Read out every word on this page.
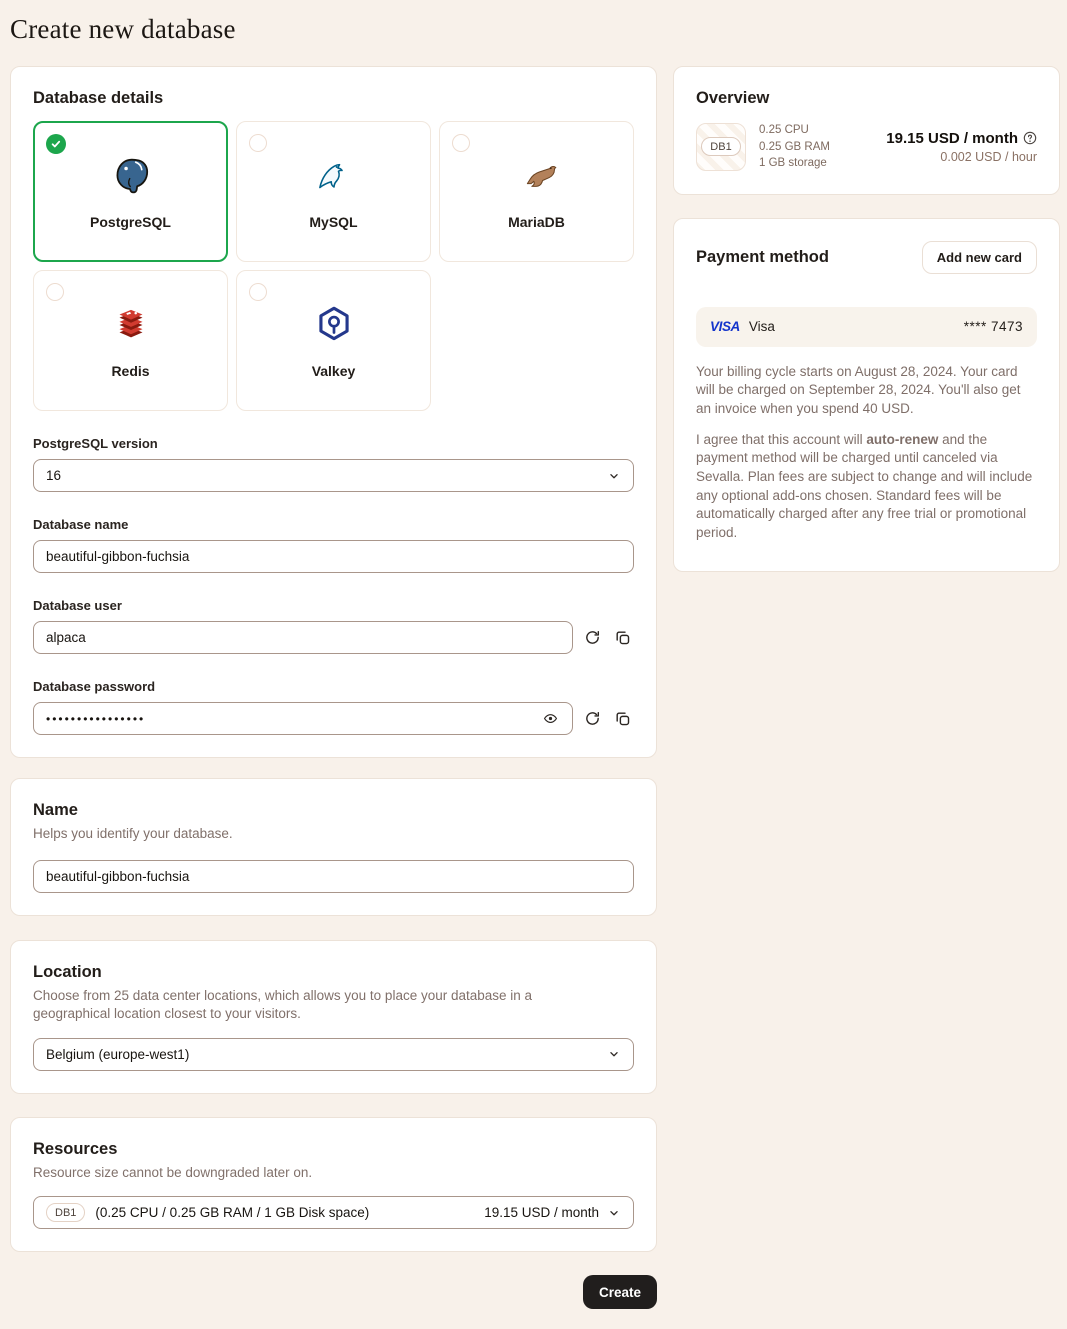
Create new database
Database details
PostgreSQL	MySQL	MariaDB
Redis	Valkey
PostgreSQL version
16
Database name
beautiful-gibbon-fuchsia
Database user
alpaca
Database password
••••••••••••••••
Name
Helps you identify your database.
beautiful-gibbon-fuchsia
Location
Choose from 25 data center locations, which allows you to place your database in a geographical location closest to your visitors.
Belgium (europe-west1)
Resources
Resource size cannot be downgraded later on.
DB1	(0.25 CPU / 0.25 GB RAM / 1 GB Disk space)	19.15 USD / month
Create
Overview
DB1
0.25 CPU
0.25 GB RAM
1 GB storage
19.15 USD / month
0.002 USD / hour
Payment method	Add new card
VISA Visa	**** 7473

Your billing cycle starts on August 28, 2024. Your card will be charged on September 28, 2024. You'll also get an invoice when you spend 40 USD.

I agree that this account will auto-renew and the payment method will be charged until canceled via Sevalla. Plan fees are subject to change and will include any optional add-ons chosen. Standard fees will be automatically charged after any free trial or promotional period.
